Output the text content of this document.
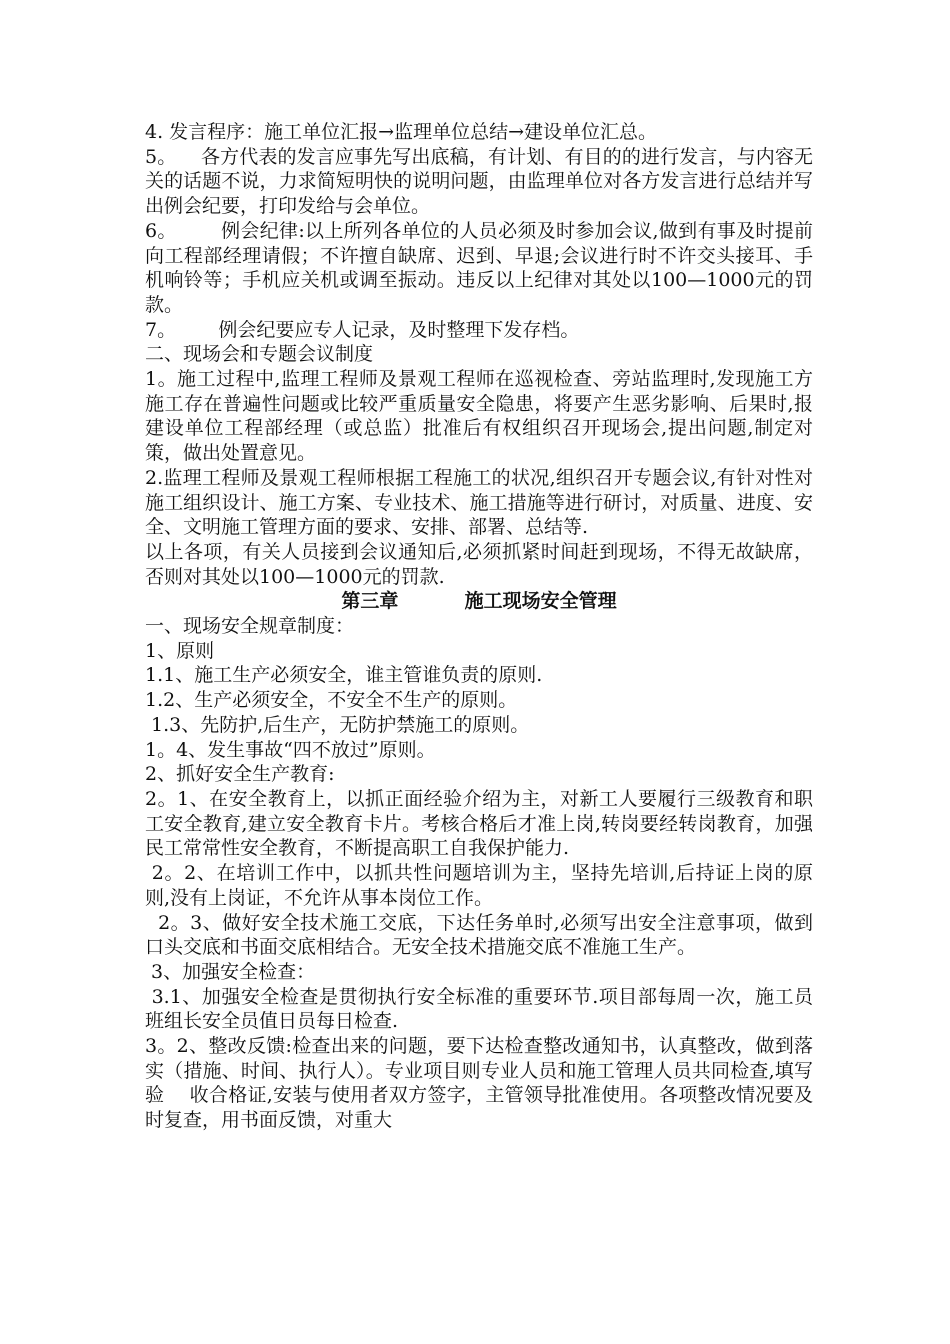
4. 发言程序：施工单位汇报→监理单位总结→建设单位汇总。

5。    各方代表的发言应事先写出底稿，有计划、有目的的进行发言，与内容无关的话题不说，力求简短明快的说明问题，由监理单位对各方发言进行总结并写出例会纪要，打印发给与会单位。

6。       例会纪律:以上所列各单位的人员必须及时参加会议,做到有事及时提前向工程部经理请假；不许擅自缺席、迟到、早退;会议进行时不许交头接耳、手机响铃等；手机应关机或调至振动。违反以上纪律对其处以100—1000元的罚款。

7。       例会纪要应专人记录，及时整理下发存档。

二、现场会和专题会议制度

1。施工过程中,监理工程师及景观工程师在巡视检查、旁站监理时,发现施工方施工存在普遍性问题或比较严重质量安全隐患，将要产生恶劣影响、后果时,报建设单位工程部经理（或总监）批准后有权组织召开现场会,提出问题,制定对策，做出处置意见。

2.监理工程师及景观工程师根据工程施工的状况,组织召开专题会议,有针对性对施工组织设计、施工方案、专业技术、施工措施等进行研讨，对质量、进度、安全、文明施工管理方面的要求、安排、部署、总结等.

以上各项，有关人员接到会议通知后,必须抓紧时间赶到现场，不得无故缺席，否则对其处以100—1000元的罚款.

第三章          施工现场安全管理

一、现场安全规章制度：

1、原则

1.1、施工生产必须安全，谁主管谁负责的原则.

1.2、生产必须安全，不安全不生产的原则。

1.3、先防护,后生产，无防护禁施工的原则。

1。4、发生事故“四不放过”原则。

2、抓好安全生产教育:

2。1、在安全教育上，以抓正面经验介绍为主，对新工人要履行三级教育和职工安全教育,建立安全教育卡片。考核合格后才准上岗,转岗要经转岗教育，加强民工常常性安全教育，不断提高职工自我保护能力.

2。2、在培训工作中，以抓共性问题培训为主，坚持先培训,后持证上岗的原则,没有上岗证，不允许从事本岗位工作。

2。3、做好安全技术施工交底，下达任务单时,必须写出安全注意事项，做到口头交底和书面交底相结合。无安全技术措施交底不准施工生产。

3、加强安全检查：

3.1、加强安全检查是贯彻执行安全标准的重要环节.项目部每周一次，施工员班组长安全员值日员每日检查.

3。2、整改反馈:检查出来的问题，要下达检查整改通知书，认真整改，做到落实（措施、时间、执行人）。专业项目则专业人员和施工管理人员共同检查,填写验    收合格证,安装与使用者双方签字，主管领导批准使用。各项整改情况要及时复查，用书面反馈，对重大
